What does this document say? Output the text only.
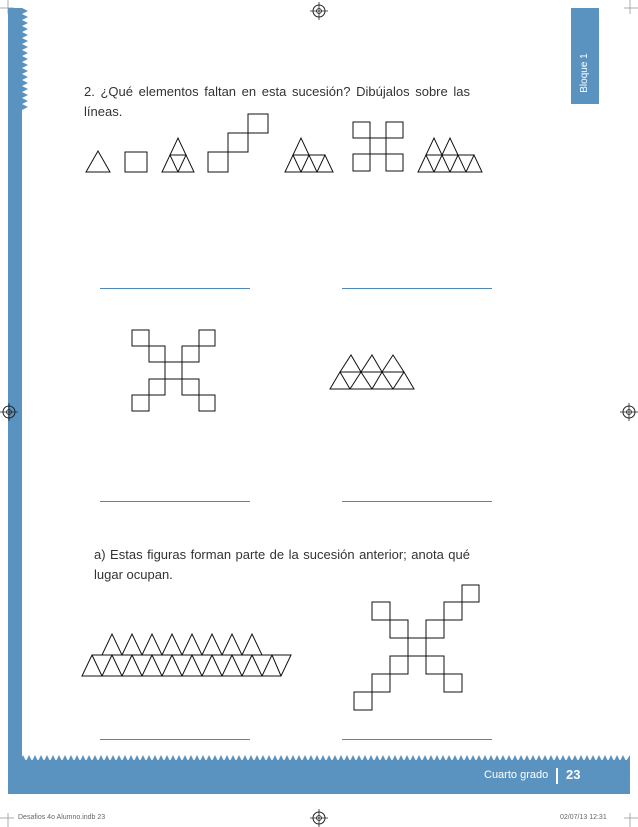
Bloque 1
2. ¿Qué elementos faltan en esta sucesión? Dibújalos sobre las líneas.
a) Estas figuras forman parte de la sucesión anterior; anota qué lugar ocupan.
Cuarto grado 23
Desafios 4o Alumno.indb 23	02/07/13 12:31
